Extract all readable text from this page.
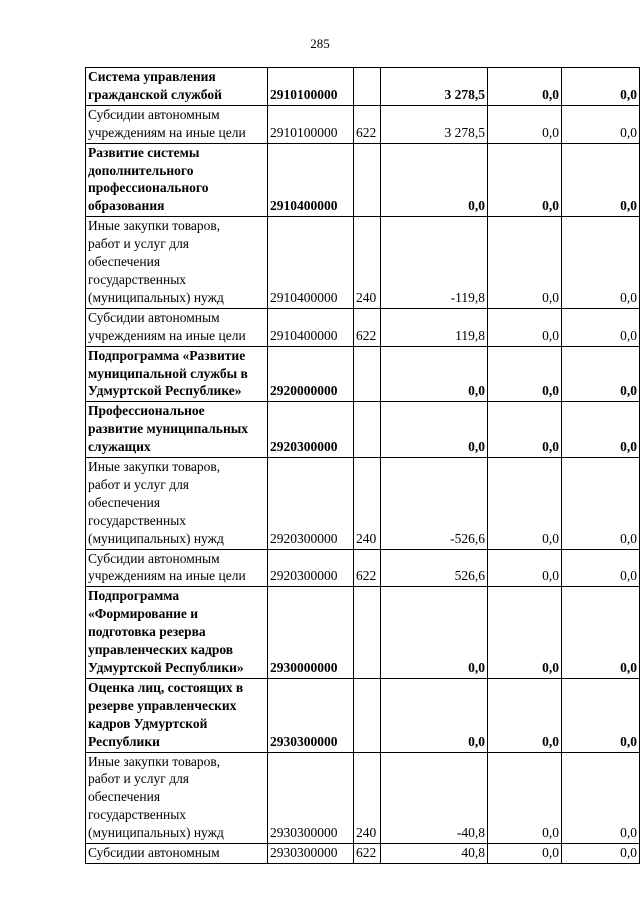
285
Система управления
гражданской службой	2910100000		3 278,5	0,0	0,0
Субсидии автономным
учреждениям на иные цели	2910100000	622	3 278,5	0,0	0,0
Развитие системы
дополнительного
профессионального
образования	2910400000		0,0	0,0	0,0
Иные закупки товаров,
работ и услуг для
обеспечения
государственных
(муниципальных) нужд	2910400000	240	-119,8	0,0	0,0
Субсидии автономным
учреждениям на иные цели	2910400000	622	119,8	0,0	0,0
Подпрограмма «Развитие
муниципальной службы в
Удмуртской Республике»	2920000000		0,0	0,0	0,0
Профессиональное
развитие муниципальных
служащих	2920300000		0,0	0,0	0,0
Иные закупки товаров,
работ и услуг для
обеспечения
государственных
(муниципальных) нужд	2920300000	240	-526,6	0,0	0,0
Субсидии автономным
учреждениям на иные цели	2920300000	622	526,6	0,0	0,0
Подпрограмма
«Формирование и
подготовка резерва
управленческих кадров
Удмуртской Республики»	2930000000		0,0	0,0	0,0
Оценка лиц, состоящих в
резерве управленческих
кадров Удмуртской
Республики	2930300000		0,0	0,0	0,0
Иные закупки товаров,
работ и услуг для
обеспечения
государственных
(муниципальных) нужд	2930300000	240	-40,8	0,0	0,0
Субсидии автономным	2930300000	622	40,8	0,0	0,0
